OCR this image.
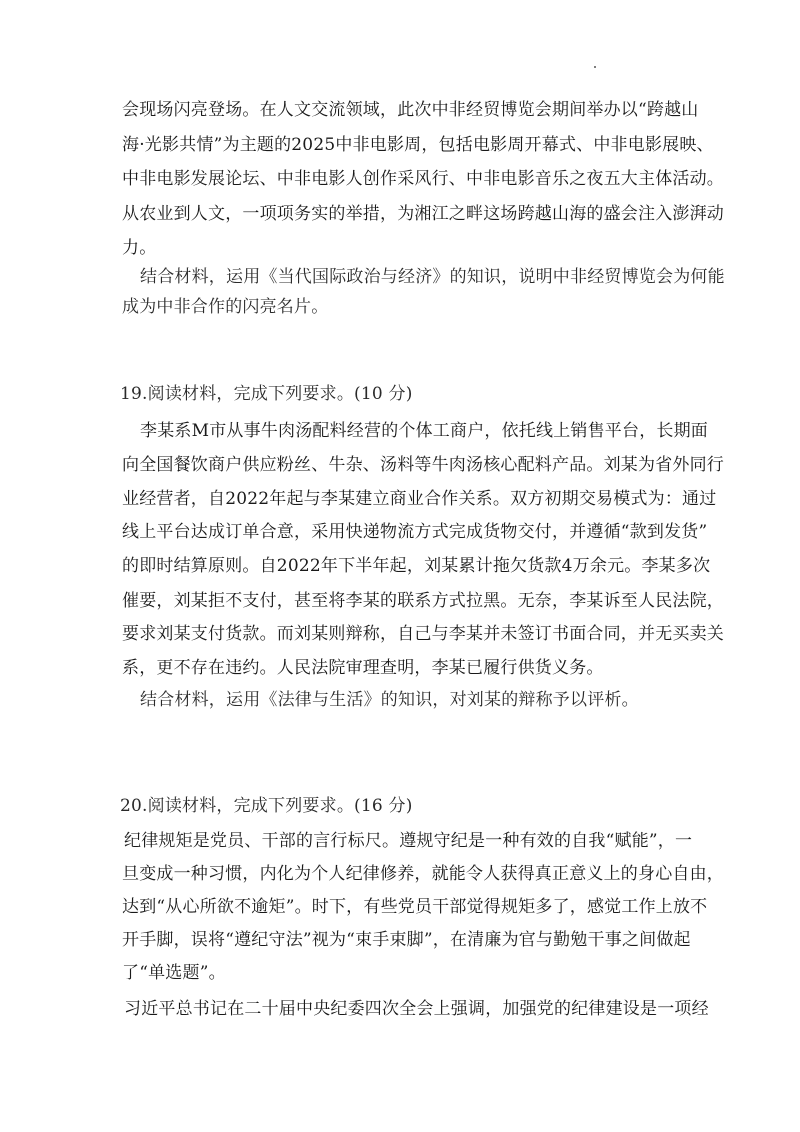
会现场闪亮登场。在人文交流领域，此次中非经贸博览会期间举办以“跨越山
海·光影共情”为主题的2025中非电影周，包括电影周开幕式、中非电影展映、
中非电影发展论坛、中非电影人创作采风行、中非电影音乐之夜五大主体活动。
从农业到人文，一项项务实的举措，为湘江之畔这场跨越山海的盛会注入澎湃动
力。
结合材料，运用《当代国际政治与经济》的知识，说明中非经贸博览会为何能
成为中非合作的闪亮名片。
19.阅读材料，完成下列要求。(10 分)
李某系M市从事牛肉汤配料经营的个体工商户，依托线上销售平台，长期面
向全国餐饮商户供应粉丝、牛杂、汤料等牛肉汤核心配料产品。刘某为省外同行
业经营者，自2022年起与李某建立商业合作关系。双方初期交易模式为：通过
线上平台达成订单合意，采用快递物流方式完成货物交付，并遵循“款到发货”
的即时结算原则。自2022年下半年起，刘某累计拖欠货款4万余元。李某多次
催要，刘某拒不支付，甚至将李某的联系方式拉黑。无奈，李某诉至人民法院，
要求刘某支付货款。而刘某则辩称，自己与李某并未签订书面合同，并无买卖关
系，更不存在违约。人民法院审理查明，李某已履行供货义务。
结合材料，运用《法律与生活》的知识，对刘某的辩称予以评析。
20.阅读材料，完成下列要求。(16 分)
纪律规矩是党员、干部的言行标尺。遵规守纪是一种有效的自我“赋能”，一
旦变成一种习惯，内化为个人纪律修养，就能令人获得真正意义上的身心自由，
达到“从心所欲不逾矩”。时下，有些党员干部觉得规矩多了，感觉工作上放不
开手脚，误将“遵纪守法”视为“束手束脚”，在清廉为官与勤勉干事之间做起
了“单选题”。
习近平总书记在二十届中央纪委四次全会上强调，加强党的纪律建设是一项经
